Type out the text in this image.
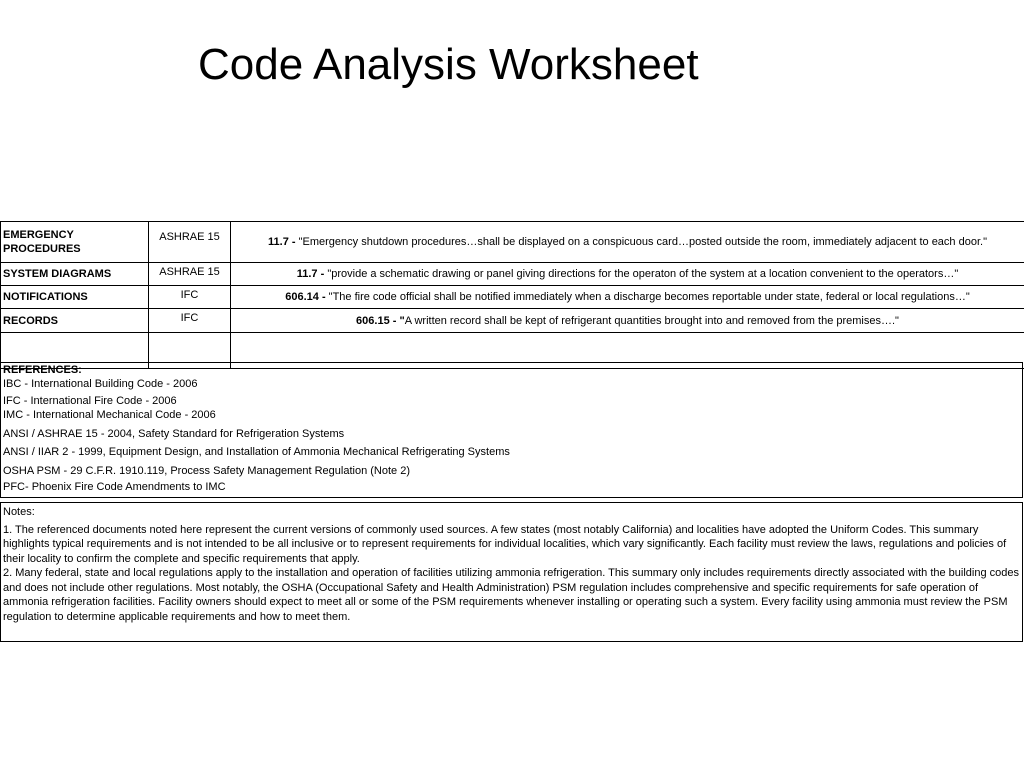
Code Analysis Worksheet
EMERGENCY PROCEDURES	ASHRAE 15	11.7 - "Emergency shutdown procedures…shall be displayed on a conspicuous card…posted outside the room, immediately adjacent to each door."
SYSTEM DIAGRAMS	ASHRAE 15	11.7 - "provide a schematic drawing or panel giving directions for the operaton of the system at a location convenient to the operators…"
NOTIFICATIONS	IFC	606.14 - "The fire code official shall be notified immediately when a discharge becomes reportable under state, federal or local regulations…"
RECORDS	IFC	606.15 - "A written record shall be kept of refrigerant quantities brought into and removed from the premises…."

REFERENCES:
IBC - International Building Code - 2006
IFC - International Fire Code - 2006
IMC - International Mechanical Code - 2006
ANSI / ASHRAE 15 - 2004, Safety Standard for Refrigeration Systems
ANSI / IIAR 2 - 1999, Equipment Design, and Installation of Ammonia Mechanical Refrigerating Systems
OSHA PSM - 29 C.F.R. 1910.119, Process Safety Management Regulation (Note 2)
PFC- Phoenix Fire Code Amendments to IMC

Notes:

1. The referenced documents noted here represent the current versions of commonly used sources. A few states (most notably California) and localities have adopted the Uniform Codes. This summary highlights typical requirements and is not intended to be all inclusive or to represent requirements for individual localities, which vary significantly. Each facility must review the laws, regulations and policies of their locality to confirm the complete and specific requirements that apply.

2. Many federal, state and local regulations apply to the installation and operation of facilities utilizing ammonia refrigeration. This summary only includes requirements directly associated with the building codes and does not include other regulations. Most notably, the OSHA (Occupational Safety and Health Administration) PSM regulation includes comprehensive and specific requirements for safe operation of ammonia refrigeration facilities. Facility owners should expect to meet all or some of the PSM requirements whenever installing or operating such a system. Every facility using ammonia must review the PSM regulation to determine applicable requirements and how to meet them.
